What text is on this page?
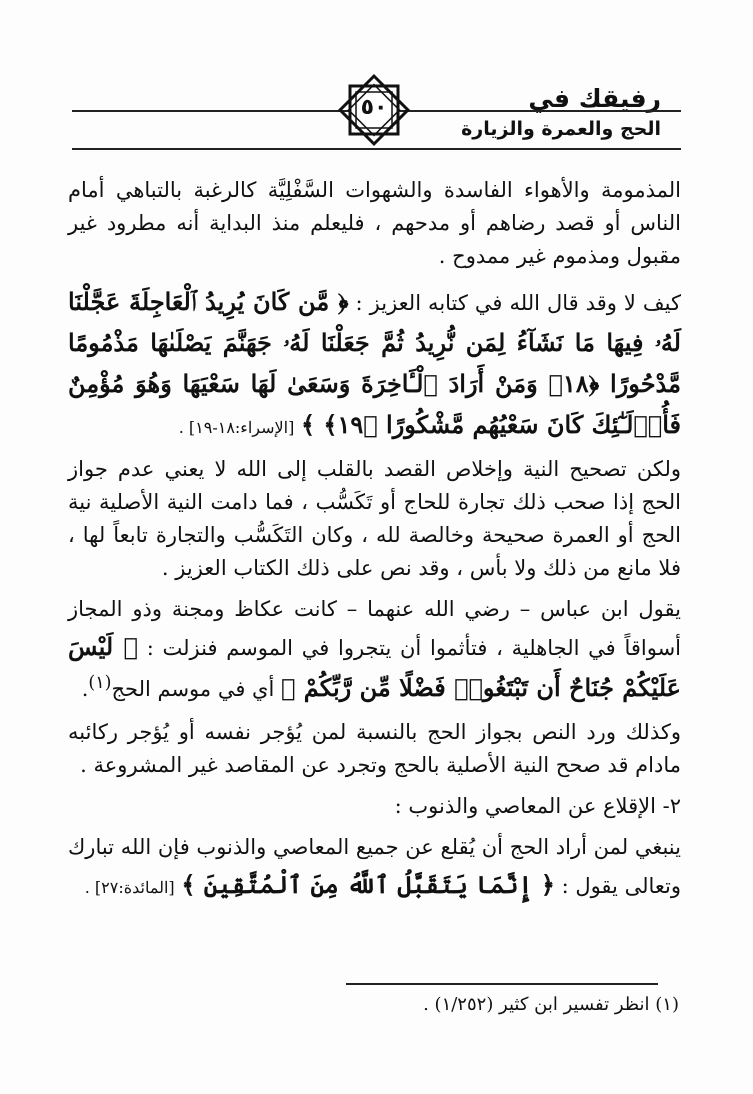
رفيقك في
الحج والعمرة والزيارة
٥٠

المذمومة والأهواء الفاسدة والشهوات السَّفْلِيَّة كالرغبة بالتباهي أمام الناس أو قصد رضاهم أو مدحهم ، فليعلم منذ البداية أنه مطرود غير مقبول ومذموم غير ممدوح .

كيف لا وقد قال الله في كتابه العزيز : ﴿ مَّن كَانَ يُرِيدُ ٱلْعَاجِلَةَ عَجَّلْنَا لَهُۥ فِيهَا مَا نَشَآءُ لِمَن نُّرِيدُ ثُمَّ جَعَلْنَا لَهُۥ جَهَنَّمَ يَصْلَىٰهَا مَذْمُومًا مَّدْحُورًا ﴿١٨﴾ وَمَنْ أَرَادَ ٱلْـَٔاخِرَةَ وَسَعَىٰ لَهَا سَعْيَهَا وَهُوَ مُؤْمِنٌ فَأُو۟لَـٰٓئِكَ كَانَ سَعْيُهُم مَّشْكُورًا ﴿١٩﴾ ﴾ [الإسراء:١٨-١٩] .

ولكن تصحيح النية وإخلاص القصد بالقلب إلى الله لا يعني عدم جواز الحج إذا صحب ذلك تجارة للحاج أو تَكَسُّب ، فما دامت النية الأصلية نية الحج أو العمرة صحيحة وخالصة لله ، وكان التَكَسُّب والتجارة تابعاً لها ، فلا مانع من ذلك ولا بأس ، وقد نص على ذلك الكتاب العزيز .

يقول ابن عباس – رضي الله عنهما – كانت عكاظ ومجنة وذو المجاز أسواقاً في الجاهلية ، فتأثموا أن يتجروا في الموسم فنزلت : ﴿ لَيْسَ عَلَيْكُمْ جُنَاحٌ أَن تَبْتَغُوا۟ فَضْلًا مِّن رَّبِّكُمْ ﴾ أي في موسم الحج$^{(١)}$.

وكذلك ورد النص بجواز الحج بالنسبة لمن يُؤجر نفسه أو يُؤجر ركائبه مادام قد صحح النية الأصلية بالحج وتجرد عن المقاصد غير المشروعة .

٢- الإقلاع عن المعاصي والذنوب :

ينبغي لمن أراد الحج أن يُقلع عن جميع المعاصي والذنوب فإن الله تبارك وتعالى يقول : ﴿ إِنَّمَا يَتَقَبَّلُ ٱللَّهُ مِنَ ٱلْمُتَّقِينَ ﴾ [المائدة:٢٧] .

(١) انظر تفسير ابن كثير (١/٢٥٢) .
